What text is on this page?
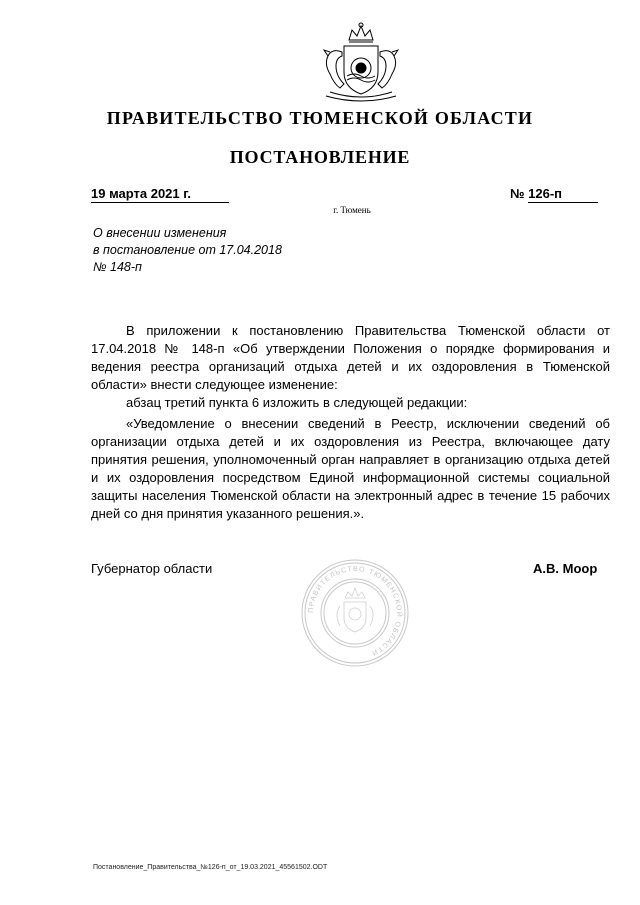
ПРАВИТЕЛЬСТВО ТЮМЕНСКОЙ ОБЛАСТИ
ПОСТАНОВЛЕНИЕ
19 марта 2021 г.	№ 126-п
г. Тюмень
О внесении изменения
в постановление от 17.04.2018
№ 148-п

В приложении к постановлению Правительства Тюменской области от 17.04.2018 № 148-п «Об утверждении Положения о порядке формирования и ведения реестра организаций отдыха детей и их оздоровления в Тюменской области» внести следующее изменение:

абзац третий пункта 6 изложить в следующей редакции:

«Уведомление о внесении сведений в Реестр, исключении сведений об организации отдыха детей и их оздоровления из Реестра, включающее дату принятия решения, уполномоченный орган направляет в организацию отдыха детей и их оздоровления посредством Единой информационной системы социальной защиты населения Тюменской области на электронный адрес в течение 15 рабочих дней со дня принятия указанного решения.».

ПРАВИТЕЛЬСТВО ТЮМЕНСКОЙ ОБЛАСТИ
Губернатор области	А.В. Моор
Постановление_Правительства_№126-п_от_19.03.2021_45561502.ODT
